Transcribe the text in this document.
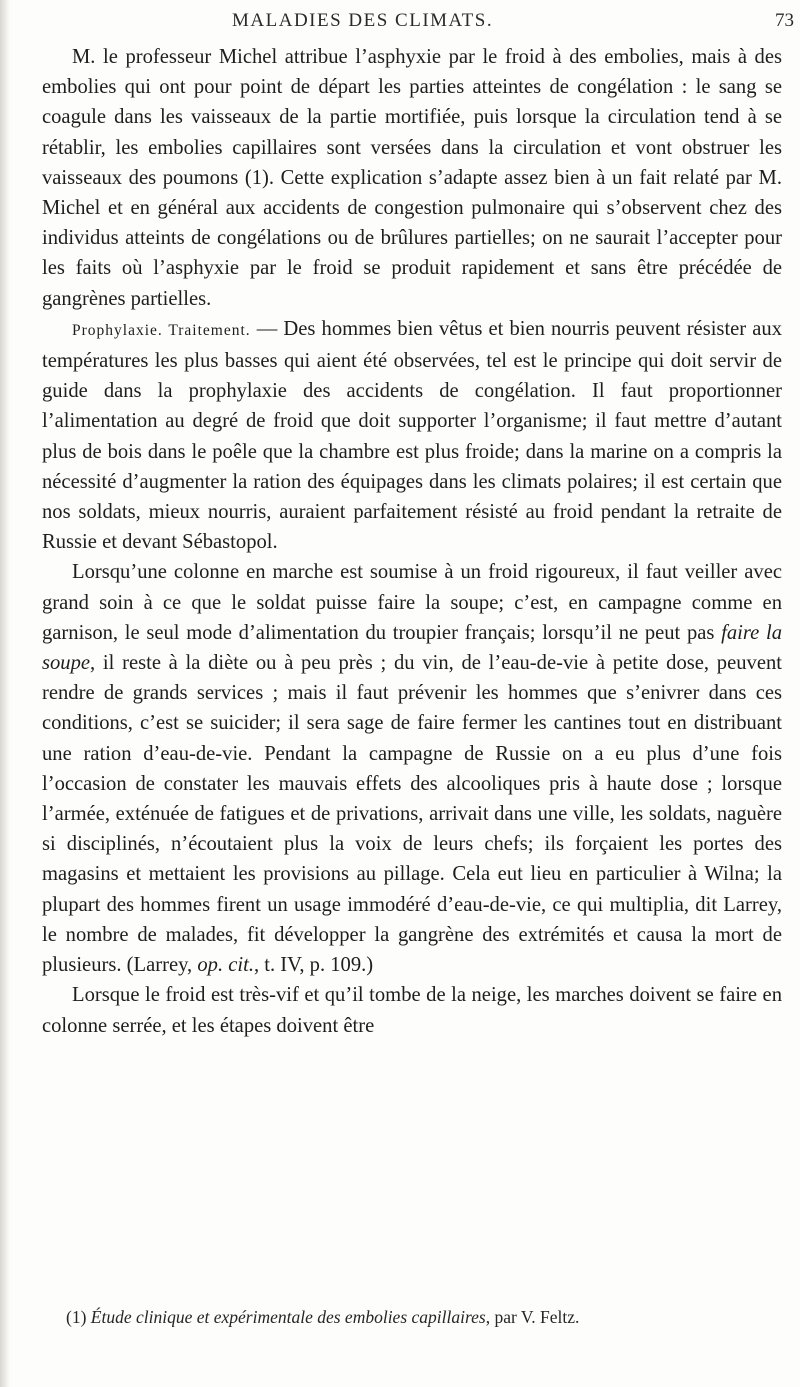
MALADIES DES CLIMATS.	73

M. le professeur Michel attribue l’asphyxie par le froid à des embolies, mais à des embolies qui ont pour point de départ les parties atteintes de congélation : le sang se coagule dans les vaisseaux de la partie mortifiée, puis lorsque la circulation tend à se rétablir, les embolies capillaires sont versées dans la circulation et vont obstruer les vaisseaux des poumons (1). Cette explication s’adapte assez bien à un fait relaté par M. Michel et en général aux accidents de congestion pulmonaire qui s’observent chez des individus atteints de congélations ou de brûlures partielles; on ne saurait l’accepter pour les faits où l’asphyxie par le froid se produit rapidement et sans être précédée de gangrènes partielles.

Prophylaxie. Traitement. — Des hommes bien vêtus et bien nourris peuvent résister aux températures les plus basses qui aient été observées, tel est le principe qui doit servir de guide dans la prophylaxie des accidents de congélation. Il faut proportionner l’alimentation au degré de froid que doit supporter l’organisme; il faut mettre d’autant plus de bois dans le poêle que la chambre est plus froide; dans la marine on a compris la nécessité d’augmenter la ration des équipages dans les climats polaires; il est certain que nos soldats, mieux nourris, auraient parfaitement résisté au froid pendant la retraite de Russie et devant Sébastopol.

Lorsqu’une colonne en marche est soumise à un froid rigoureux, il faut veiller avec grand soin à ce que le soldat puisse faire la soupe; c’est, en campagne comme en garnison, le seul mode d’alimentation du troupier français; lorsqu’il ne peut pas faire la soupe, il reste à la diète ou à peu près ; du vin, de l’eau-de-vie à petite dose, peuvent rendre de grands services ; mais il faut prévenir les hommes que s’enivrer dans ces conditions, c’est se suicider; il sera sage de faire fermer les cantines tout en distribuant une ration d’eau-de-vie. Pendant la campagne de Russie on a eu plus d’une fois l’occasion de constater les mauvais effets des alcooliques pris à haute dose ; lorsque l’armée, exténuée de fatigues et de privations, arrivait dans une ville, les soldats, naguère si disciplinés, n’écoutaient plus la voix de leurs chefs; ils forçaient les portes des magasins et mettaient les provisions au pillage. Cela eut lieu en particulier à Wilna; la plupart des hommes firent un usage immodéré d’eau-de-vie, ce qui multiplia, dit Larrey, le nombre de malades, fit développer la gangrène des extrémités et causa la mort de plusieurs. (Larrey, op. cit., t. IV, p. 109.)

Lorsque le froid est très-vif et qu’il tombe de la neige, les marches doivent se faire en colonne serrée, et les étapes doivent être

(1) Étude clinique et expérimentale des embolies capillaires, par V. Feltz.
